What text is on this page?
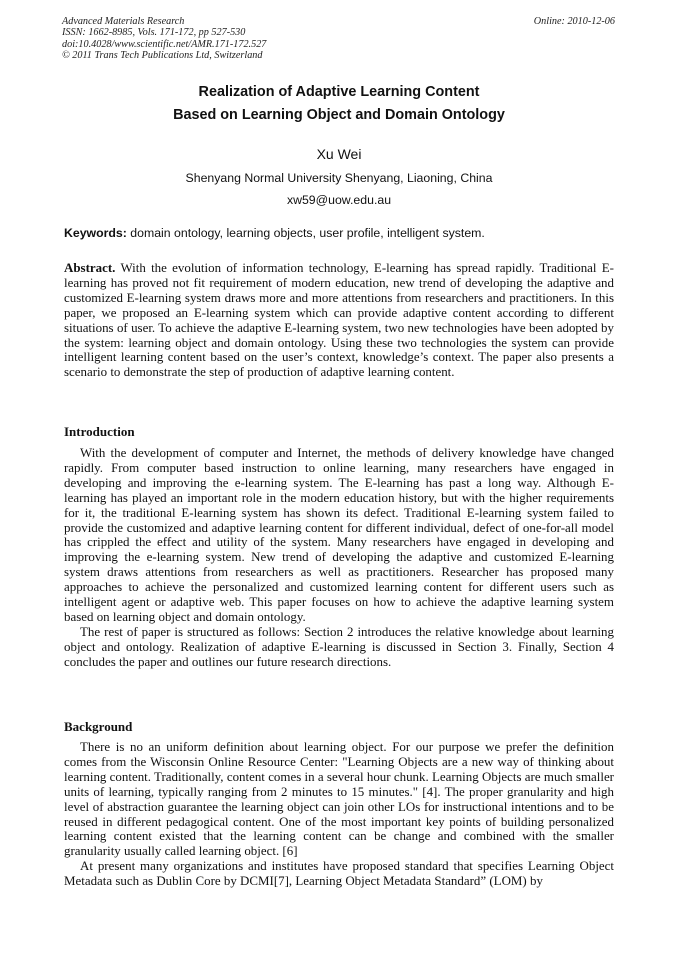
Advanced Materials Research
ISSN: 1662-8985, Vols. 171-172, pp 527-530
doi:10.4028/www.scientific.net/AMR.171-172.527
© 2011 Trans Tech Publications Ltd, Switzerland
Online: 2010-12-06
Realization of Adaptive Learning Content
Based on Learning Object and Domain Ontology
Xu Wei
Shenyang Normal University Shenyang, Liaoning, China
xw59@uow.edu.au
Keywords: domain ontology, learning objects, user profile, intelligent system.

Abstract. With the evolution of information technology, E-learning has spread rapidly. Traditional E-learning has proved not fit requirement of modern education, new trend of developing the adaptive and customized E-learning system draws more and more attentions from researchers and practitioners. In this paper, we proposed an E-learning system which can provide adaptive content according to different situations of user. To achieve the adaptive E-learning system, two new technologies have been adopted by the system: learning object and domain ontology. Using these two technologies the system can provide intelligent learning content based on the user’s context, knowledge’s context. The paper also presents a scenario to demonstrate the step of production of adaptive learning content.

Introduction

With the development of computer and Internet, the methods of delivery knowledge have changed rapidly. From computer based instruction to online learning, many researchers have engaged in developing and improving the e-learning system. The E-learning has past a long way. Although E-learning has played an important role in the modern education history, but with the higher requirements for it, the traditional E-learning system has shown its defect. Traditional E-learning system failed to provide the customized and adaptive learning content for different individual, defect of one-for-all model has crippled the effect and utility of the system. Many researchers have engaged in developing and improving the e-learning system. New trend of developing the adaptive and customized E-learning system draws attentions from researchers as well as practitioners. Researcher has proposed many approaches to achieve the personalized and customized learning content for different users such as intelligent agent or adaptive web. This paper focuses on how to achieve the adaptive learning system based on learning object and domain ontology.

The rest of paper is structured as follows: Section 2 introduces the relative knowledge about learning object and ontology. Realization of adaptive E-learning is discussed in Section 3. Finally, Section 4 concludes the paper and outlines our future research directions.

Background

There is no an uniform definition about learning object. For our purpose we prefer the definition comes from the Wisconsin Online Resource Center: "Learning Objects are a new way of thinking about learning content. Traditionally, content comes in a several hour chunk. Learning Objects are much smaller units of learning, typically ranging from 2 minutes to 15 minutes." [4]. The proper granularity and high level of abstraction guarantee the learning object can join other LOs for instructional intentions and to be reused in different pedagogical content. One of the most important key points of building personalized learning content existed that the learning content can be change and combined with the smaller granularity usually called learning object. [6]

At present many organizations and institutes have proposed standard that specifies Learning Object Metadata such as Dublin Core by DCMI[7], Learning Object Metadata Standard” (LOM) by
